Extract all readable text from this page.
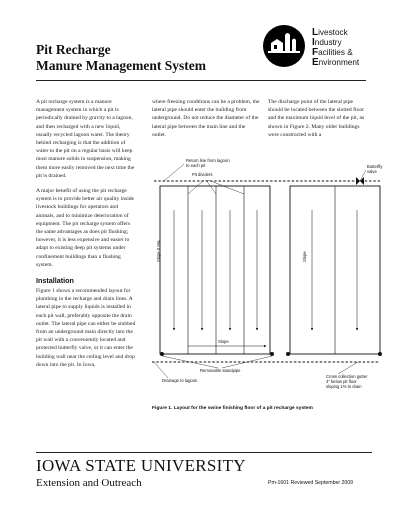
Pit Recharge
Manure Management System
Livestock
Industry
Facilities &
Environment

A pit recharge system is a manure management system in which a pit is periodically drained by gravity to a lagoon, and then recharged with a new liquid, usually recycled lagoon water. The theory behind recharging is that the addition of water to the pit on a regular basis will keep most manure solids in suspension, making them more easily removed the next time the pit is drained.

A major benefit of using the pit recharge system is to provide better air quality inside livestock buildings for operators and animals, and to minimize deterioration of equipment. The pit recharge system offers the same advantages as does pit flushing; however, it is less expensive and easier to adapt to existing deep pit systems under confinement buildings than a flushing system.

Installation

Figure 1 shows a recommended layout for plumbing in the recharge and drain lines. A lateral pipe to supply liquids is installed in each pit wall, preferably opposite the drain outlet. The lateral pipe can either be stubbed from an underground main directly into the pit wall with a conveniently located and protected butterfly valve, or it can enter the building wall near the ceiling level and drop down into the pit. In Iowa,

where freezing conditions can be a problem, the lateral pipe should enter the building from underground. Do not reduce the diameter of the lateral pipe between the main line and the outlet.

The discharge point of the lateral pipe should be located between the slotted floor and the maximum liquid level of the pit, as shown in Figure 2. Many older buildings were constructed with a

Return line from lagoon
to each pit	Butterfly
valve
Pit dividers
Slope 0.5%	Slope
Slope
Removable standpipe
Drainage to lagoon
Cross collection gutter
4" below pit floor
sloping 1% to drain
Figure 1. Layout for the swine finishing floor of a pit recharge system
IOWA STATE UNIVERSITY
Extension and Outreach	Pm-1601 Reviewed September 2009
